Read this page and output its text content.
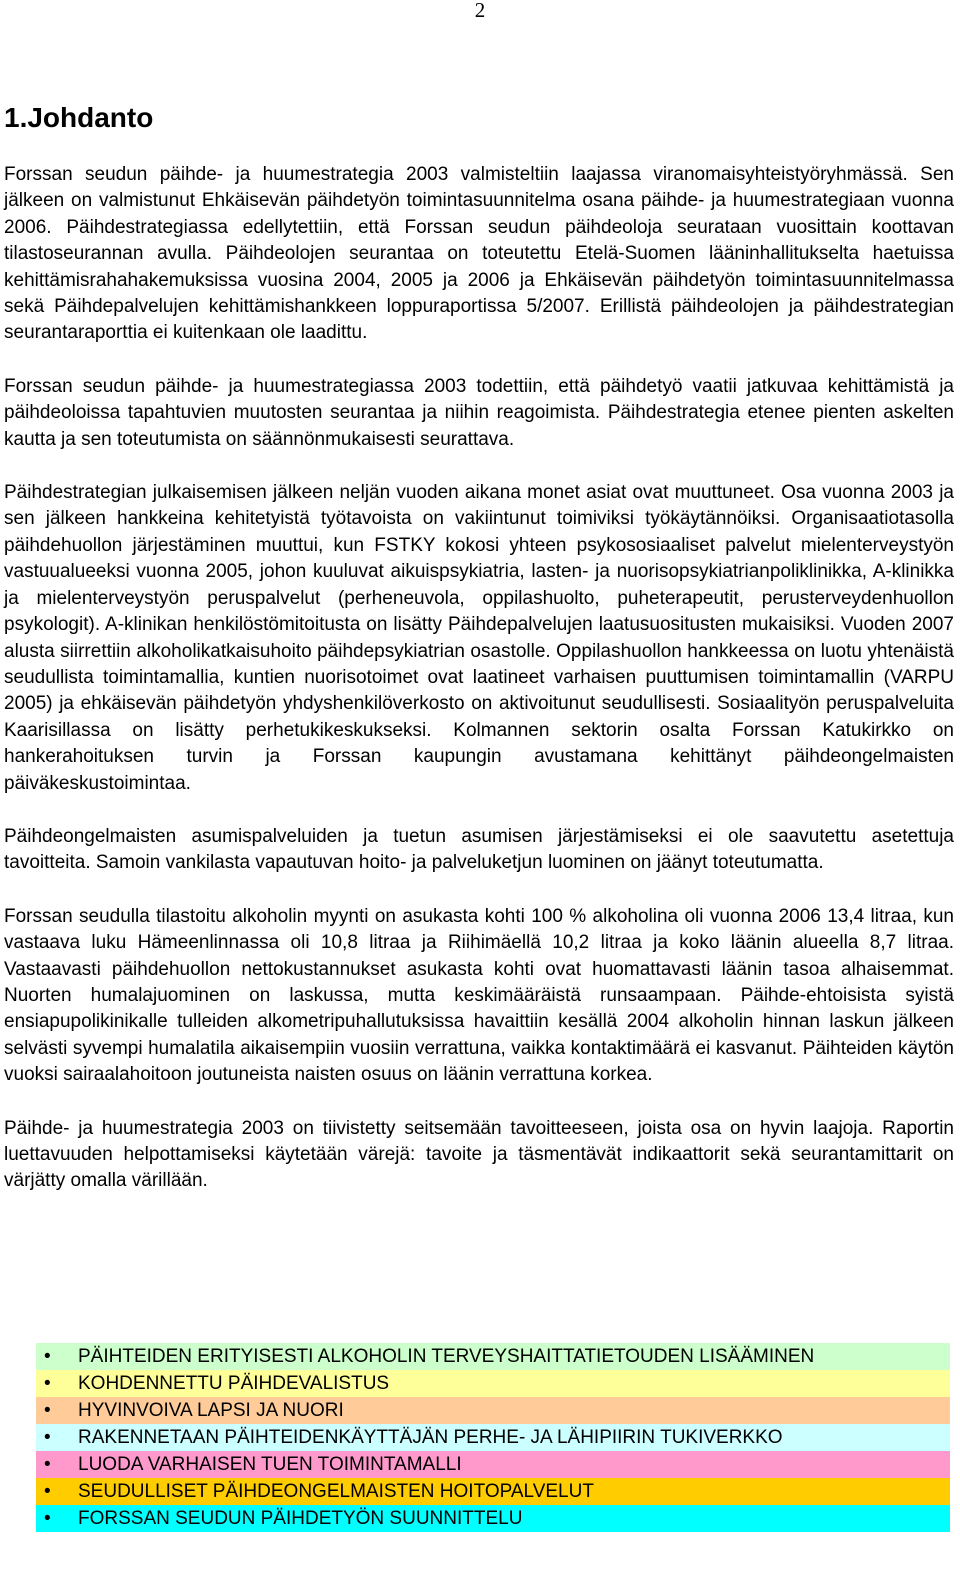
2
1.Johdanto

Forssan seudun päihde- ja huumestrategia 2003 valmisteltiin laajassa viranomaisyhteistyöryhmässä. Sen jälkeen on valmistunut Ehkäisevän päihdetyön toimintasuunnitelma osana päihde- ja huumestrategiaan vuonna 2006. Päihdestrategiassa edellytettiin, että Forssan seudun päihdeoloja seurataan vuosittain koottavan tilastoseurannan avulla. Päihdeolojen seurantaa on toteutettu Etelä-Suomen lääninhallitukselta haetuissa kehittämisrahahakemuksissa vuosina 2004, 2005 ja 2006 ja Ehkäisevän päihdetyön toimintasuunnitelmassa sekä Päihdepalvelujen kehittämishankkeen loppuraportissa 5/2007. Erillistä päihdeolojen ja päihdestrategian seurantaraporttia ei kuitenkaan ole laadittu.

Forssan seudun päihde- ja huumestrategiassa 2003 todettiin, että päihdetyö vaatii jatkuvaa kehittämistä ja päihdeoloissa tapahtuvien muutosten seurantaa ja niihin reagoimista. Päihdestrategia etenee pienten askelten kautta ja sen toteutumista on säännönmukaisesti seurattava.

Päihdestrategian julkaisemisen jälkeen neljän vuoden aikana monet asiat ovat muuttuneet. Osa vuonna 2003 ja sen jälkeen hankkeina kehitetyistä työtavoista on vakiintunut toimiviksi työkäytännöiksi. Organisaatiotasolla päihdehuollon järjestäminen muuttui, kun FSTKY kokosi yhteen psykososiaaliset palvelut mielenterveystyön vastuualueeksi vuonna 2005, johon kuuluvat aikuispsykiatria, lasten- ja nuorisopsykiatrianpoliklinikka, A-klinikka ja mielenterveystyön peruspalvelut (perheneuvola, oppilashuolto, puheterapeutit, perusterveydenhuollon psykologit). A-klinikan henkilöstömitoitusta on lisätty Päihdepalvelujen laatusuositusten mukaisiksi. Vuoden 2007 alusta siirrettiin alkoholikatkaisuhoito päihdepsykiatrian osastolle. Oppilashuollon hankkeessa on luotu yhtenäistä seudullista toimintamallia, kuntien nuorisotoimet ovat laatineet varhaisen puuttumisen toimintamallin (VARPU 2005) ja ehkäisevän päihdetyön yhdyshenkilöverkosto on aktivoitunut seudullisesti. Sosiaalityön peruspalveluita Kaarisillassa on lisätty perhetukikeskukseksi. Kolmannen sektorin osalta Forssan Katukirkko on hankerahoituksen turvin ja Forssan kaupungin avustamana kehittänyt päihdeongelmaisten päiväkeskustoimintaa.

Päihdeongelmaisten asumispalveluiden ja tuetun asumisen järjestämiseksi ei ole saavutettu asetettuja tavoitteita. Samoin vankilasta vapautuvan hoito- ja palveluketjun luominen on jäänyt toteutumatta.

Forssan seudulla tilastoitu alkoholin myynti on asukasta kohti 100 % alkoholina oli vuonna 2006 13,4 litraa, kun vastaava luku Hämeenlinnassa oli 10,8 litraa ja Riihimäellä 10,2 litraa ja koko läänin alueella 8,7 litraa. Vastaavasti päihdehuollon nettokustannukset asukasta kohti ovat huomattavasti läänin tasoa alhaisemmat. Nuorten humalajuominen on laskussa, mutta keskimääräistä runsaampaan. Päihde-ehtoisista syistä ensiapupolikinikalle tulleiden alkometripuhallutuksissa havaittiin kesällä 2004 alkoholin hinnan laskun jälkeen selvästi syvempi humalatila aikaisempiin vuosiin verrattuna, vaikka kontaktimäärä ei kasvanut. Päihteiden käytön vuoksi sairaalahoitoon joutuneista naisten osuus on läänin verrattuna korkea.

Päihde- ja huumestrategia 2003 on tiivistetty seitsemään tavoitteeseen, joista osa on hyvin laajoja. Raportin luettavuuden helpottamiseksi käytetään värejä: tavoite ja täsmentävät indikaattorit sekä seurantamittarit on värjätty omalla värillään.

• PÄIHTEIDEN ERITYISESTI ALKOHOLIN TERVEYSHAITTATIETOUDEN LISÄÄMINEN
• KOHDENNETTU PÄIHDEVALISTUS
• HYVINVOIVA LAPSI JA NUORI
• RAKENNETAAN PÄIHTEIDENKÄYTTÄJÄN PERHE- JA LÄHIPIIRIN TUKIVERKKO
• LUODA VARHAISEN TUEN TOIMINTAMALLI
• SEUDULLISET PÄIHDEONGELMAISTEN HOITOPALVELUT
• FORSSAN SEUDUN PÄIHDETYÖN SUUNNITTELU
